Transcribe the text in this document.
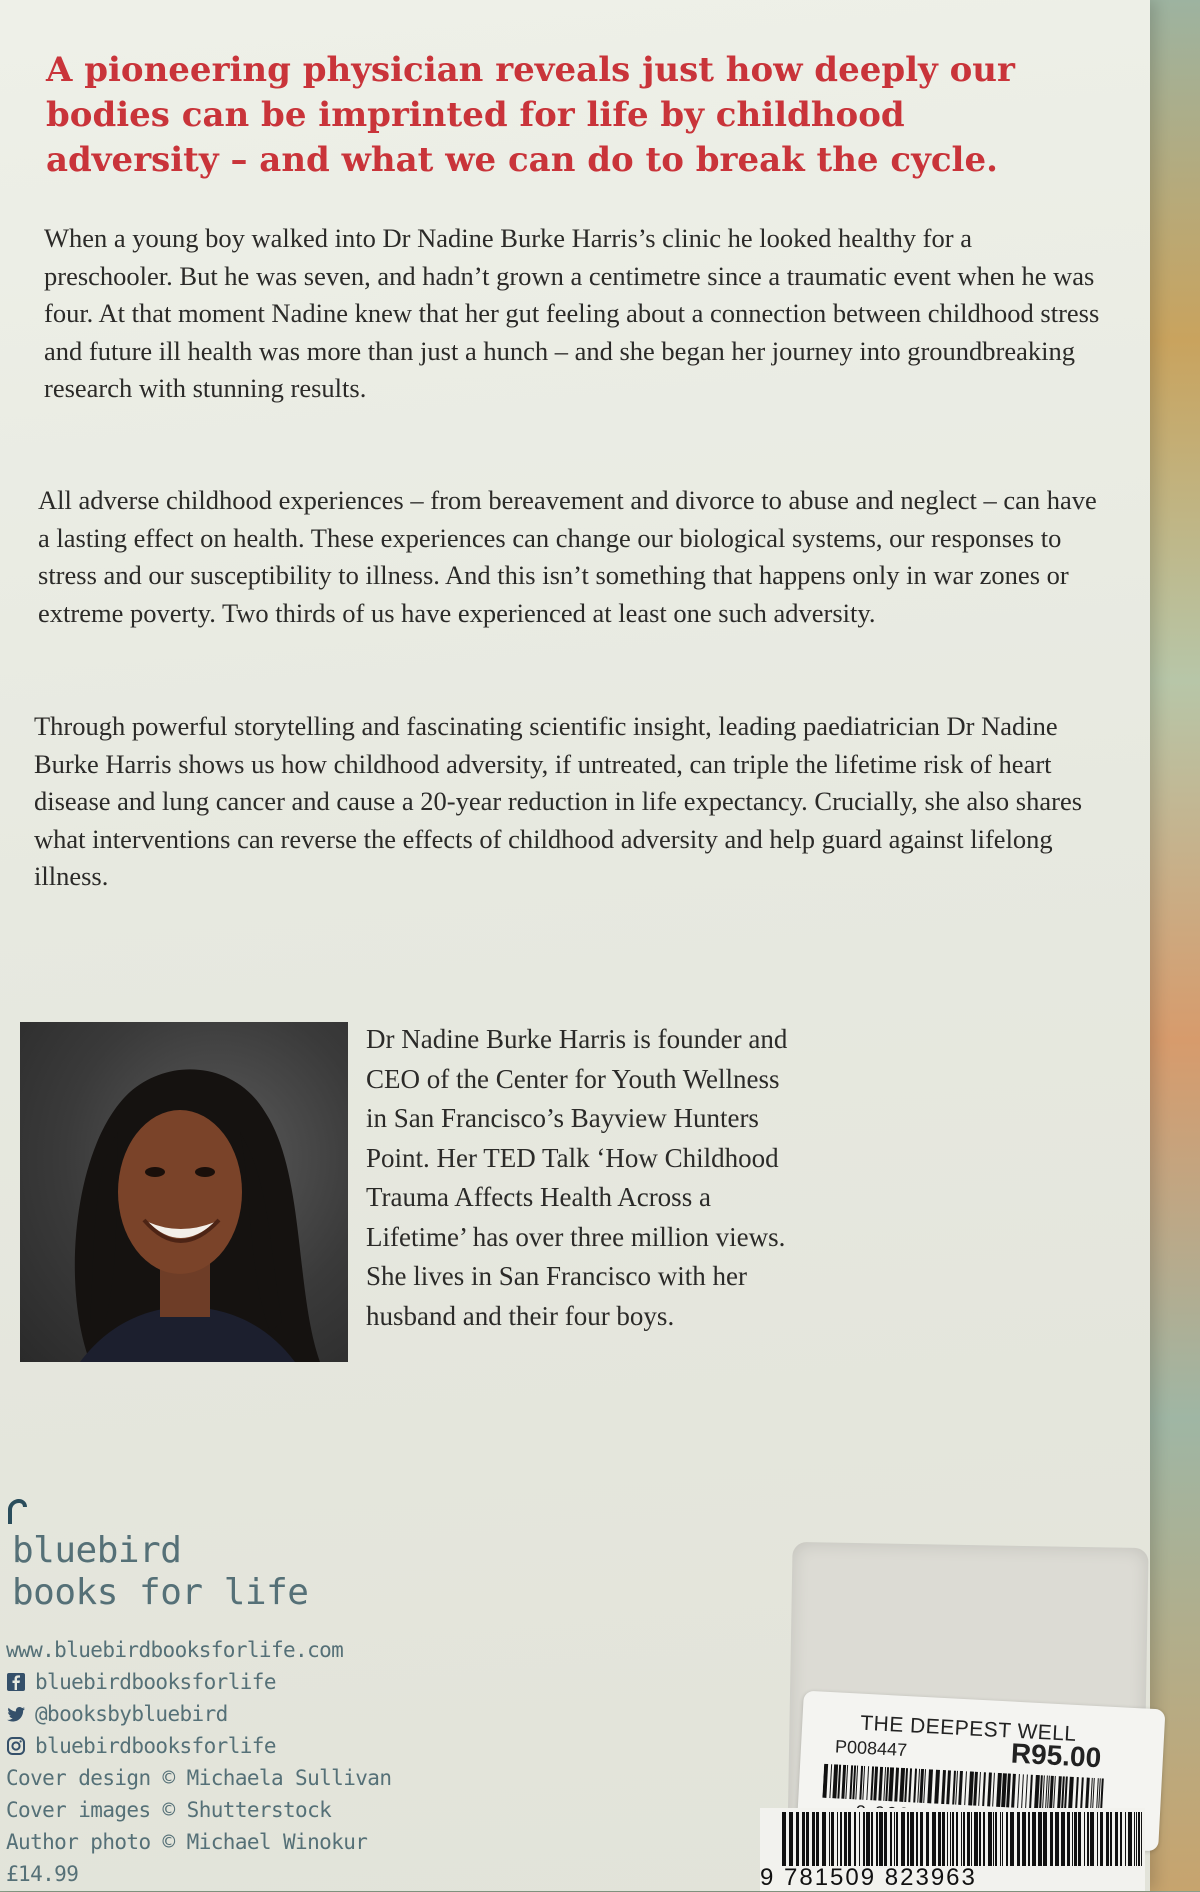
A pioneering physician reveals just how deeply our bodies can be imprinted for life by childhood adversity – and what we can do to break the cycle.
When a young boy walked into Dr Nadine Burke Harris’s clinic he looked healthy for a preschooler. But he was seven, and hadn’t grown a centimetre since a traumatic event when he was four. At that moment Nadine knew that her gut feeling about a connection between childhood stress and future ill health was more than just a hunch – and she began her journey into groundbreaking research with stunning results.
All adverse childhood experiences – from bereavement and divorce to abuse and neglect – can have a lasting effect on health. These experiences can change our biological systems, our responses to stress and our susceptibility to illness. And this isn’t something that happens only in war zones or extreme poverty. Two thirds of us have experienced at least one such adversity.
Through powerful storytelling and fascinating scientific insight, leading paediatrician Dr Nadine Burke Harris shows us how childhood adversity, if untreated, can triple the lifetime risk of heart disease and lung cancer and cause a 20-year reduction in life expectancy. Crucially, she also shares what interventions can reverse the effects of childhood adversity and help guard against lifelong illness.
Dr Nadine Burke Harris is founder and CEO of the Center for Youth Wellness in San Francisco’s Bayview Hunters Point. Her TED Talk ‘How Childhood Trauma Affects Health Across a Lifetime’ has over three million views. She lives in San Francisco with her husband and their four boys.
bluebird
books for life
www.bluebirdbooksforlife.com
bluebirdbooksforlife
@booksbybluebird
bluebirdbooksforlife
Cover design © Michaela Sullivan
Cover images © Shutterstock
Author photo © Michael Winokur
£14.99
THE DEEPEST WELL
P008447	R95.00
9 781509 823963
